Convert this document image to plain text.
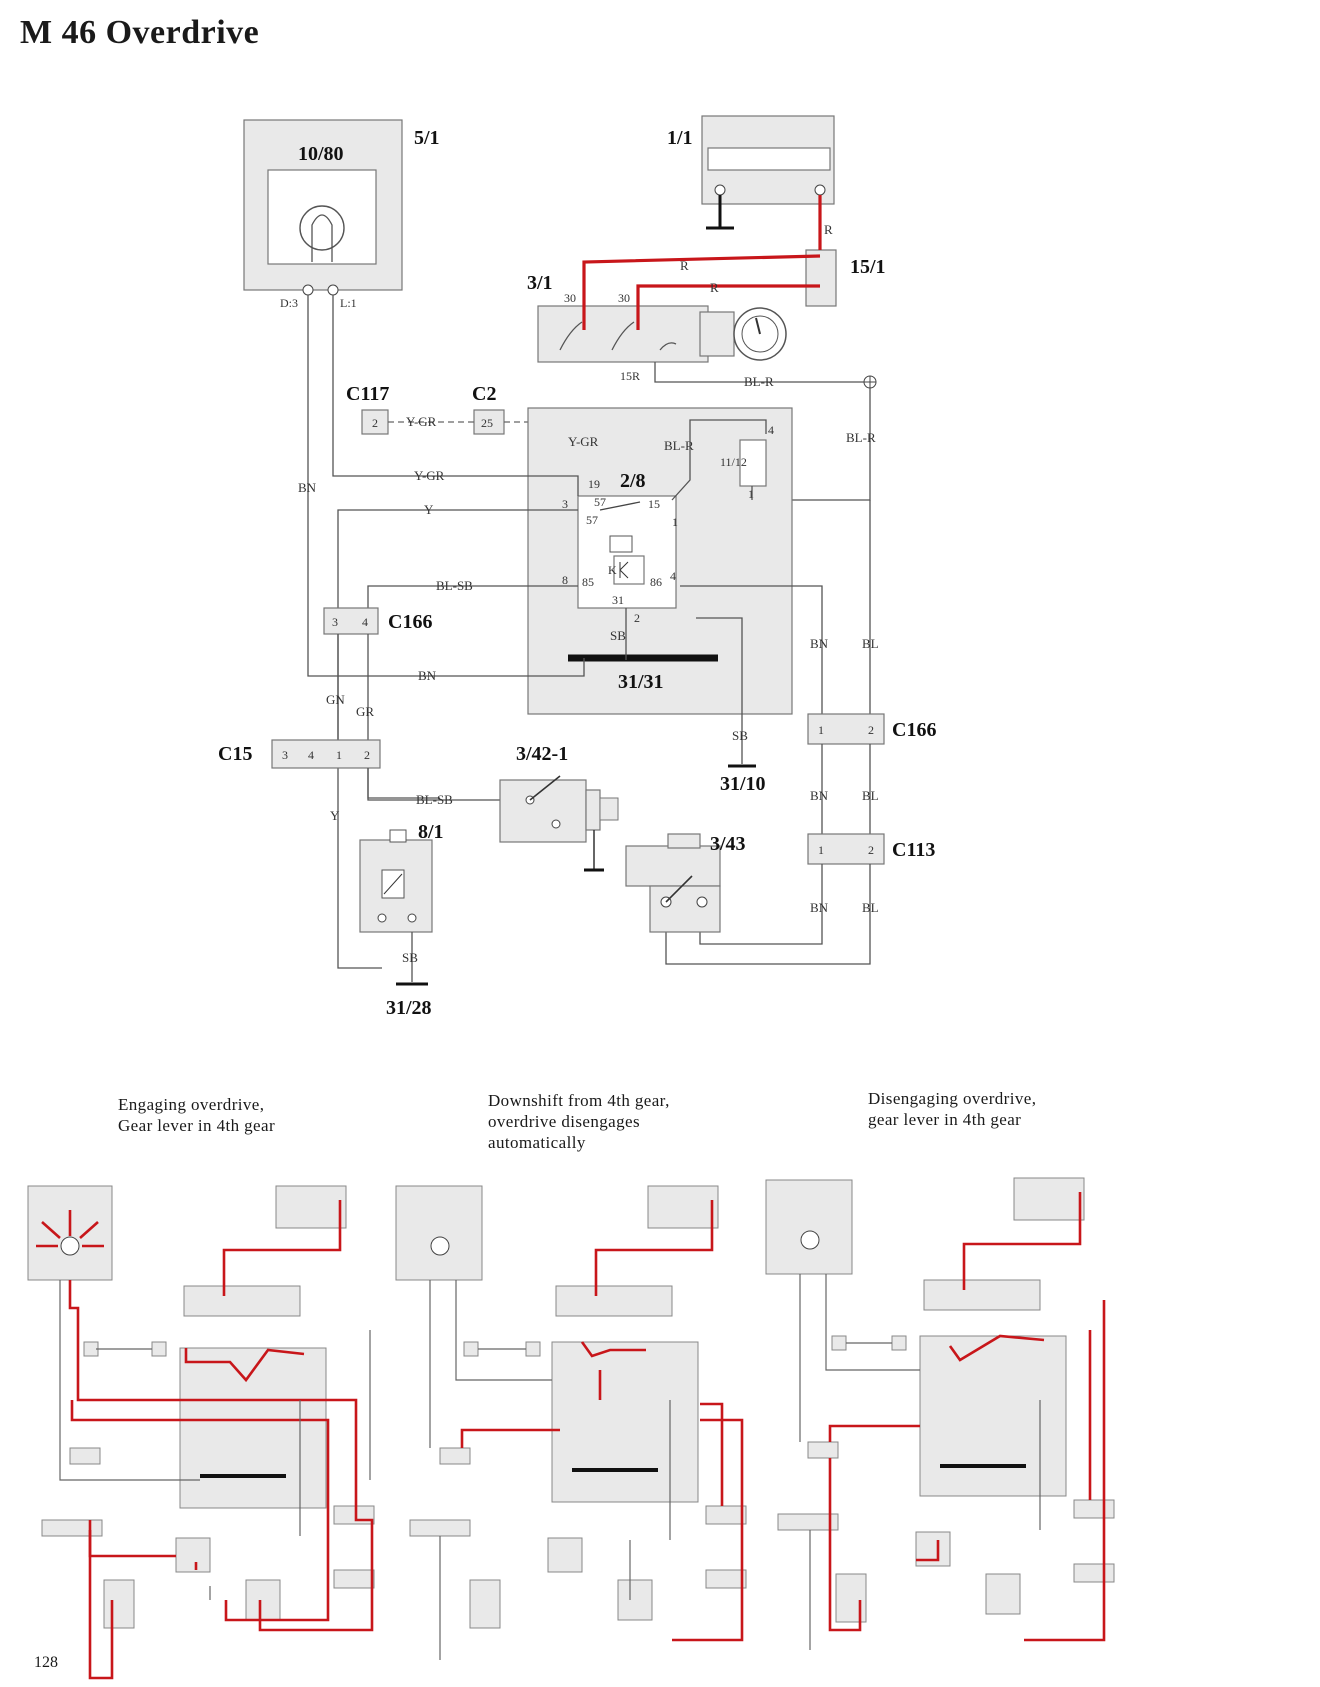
M 46 Overdrive
10/80
5/1
D:3	L:1
1/1
15/1
3/1
30	30
15R
R
R
R
BL-R
BL-R
2
C117
25
C2
Y-GR
2/8
31/31
19
3 57
57
15
1
4
8 85	86
31
2
11/12
4
1
K
Y-GR	BL-R
SB
BN
BN
Y-GR
Y
Y
BL-SB
3 4 C166
GN
GR
3 4 1 2
C15
BL-SB
3/42-1
8/1
SB
31/28
SB
31/10
BN	BL
1	2 C166
BN	BL
1	2 C113
BN	BL
3/43
Engaging overdrive,
Gear lever in 4th gear
Downshift from 4th gear,
overdrive disengages
automatically
Disengaging overdrive,
gear lever in 4th gear
128
